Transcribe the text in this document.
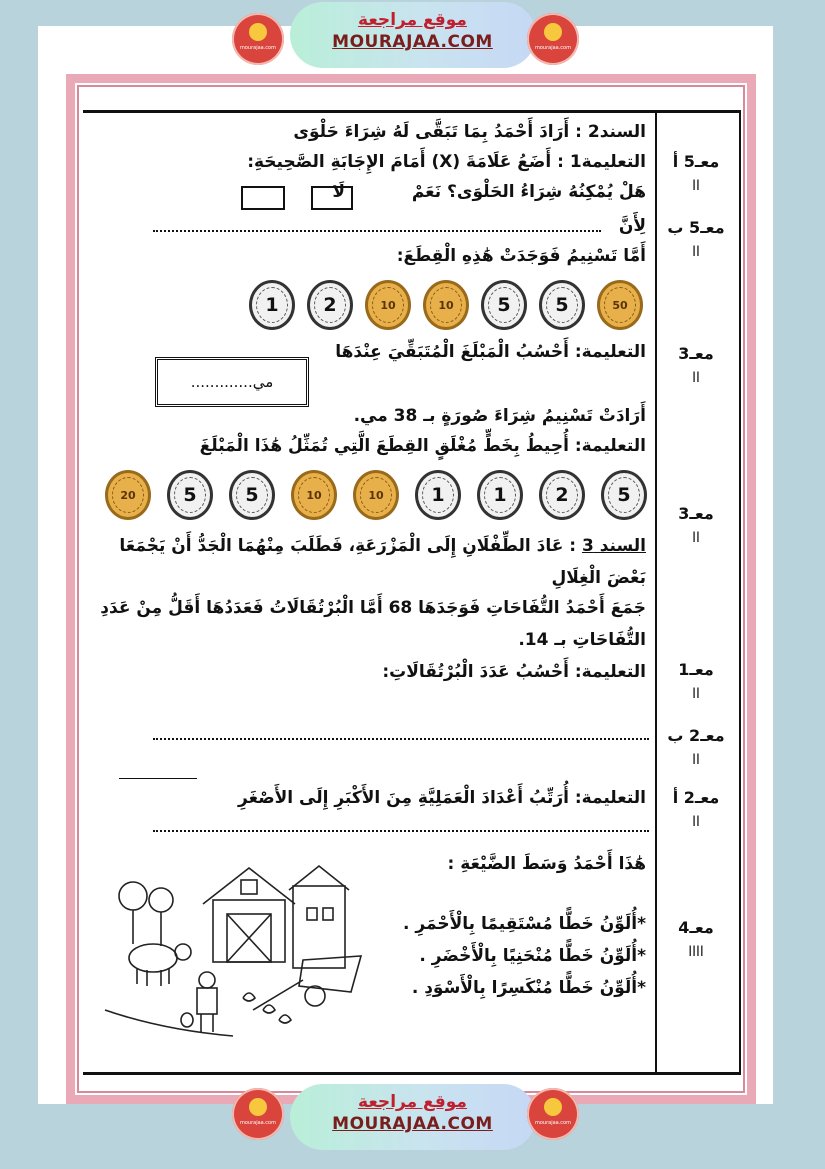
mourajaa.com
موقع مراجعة
MOURAJAA.COM	mourajaa.com
mourajaa.com
موقع مراجعة
MOURAJAA.COM	mourajaa.com
معـ5 أ
اا
معـ5 ب
اا
معـ3
اا
معـ3
اا
معـ1
اا
معـ2 ب
اا
معـ2 أ
اا
معـ4
اااا
السند2 : أَرَادَ أَحْمَدُ بِمَا تَبَقَّى لَهُ شِرَاءَ حَلْوَى
التعليمة1 : أَضَعُ عَلَامَةَ (X) أَمَامَ الإِجَابَةِ الصَّحِيحَةِ:
هَلْ يُمْكِنُهُ شِرَاءُ الحَلْوَى؟ نَعَمْ
لَا
لِأَنَّ
أَمَّا تَسْنِيمُ فَوَجَدَتْ هَٰذِهِ الْقِطَعَ:
50
5
5
10
10
2
1
التعليمة: أَحْسُبُ الْمَبْلَغَ الْمُتَبَقِّيَ عِنْدَهَا
مي.............
أَرَادَتْ تَسْنِيمُ شِرَاءَ صُورَةٍ بـ 38 مي.
التعليمة: أُحِيطُ بِخَطٍّ مُغْلَقٍ القِطَعَ الَّتِي تُمَثِّلُ هَٰذَا الْمَبْلَغَ
5
2
1
1
10
10
5
5
20
السند 3 : عَادَ الطِّفْلَانِ إِلَى الْمَزْرَعَةِ، فَطَلَبَ مِنْهُمَا الْجَدُّ أَنْ يَجْمَعَا
بَعْضَ الْغِلَالِ
جَمَعَ أَحْمَدُ التُّفَاحَاتِ فَوَجَدَهَا 68 أَمَّا الْبُرْتُقَالَاتُ فَعَدَدُهَا أَقَلُّ مِنْ عَدَدِ
التُّفَاحَاتِ بـ 14.
التعليمة: أَحْسُبُ عَدَدَ الْبُرْتُقَالَاتِ:
التعليمة: أُرَتِّبُ أَعْدَادَ الْعَمَلِيَّةِ مِنَ الأَكْبَرِ إِلَى الأَصْغَرِ
هَٰذَا أَحْمَدُ وَسَطَ الضَّيْعَةِ :
*أُلَوِّنُ خَطًّا مُسْتَقِيمًا بِالْأَحْمَرِ .
*أُلَوِّنُ خَطًّا مُنْحَنِيًا بِالْأَخْضَرِ .
*أُلَوِّنُ خَطًّا مُنْكَسِرًا بِالْأَسْوَدِ .
